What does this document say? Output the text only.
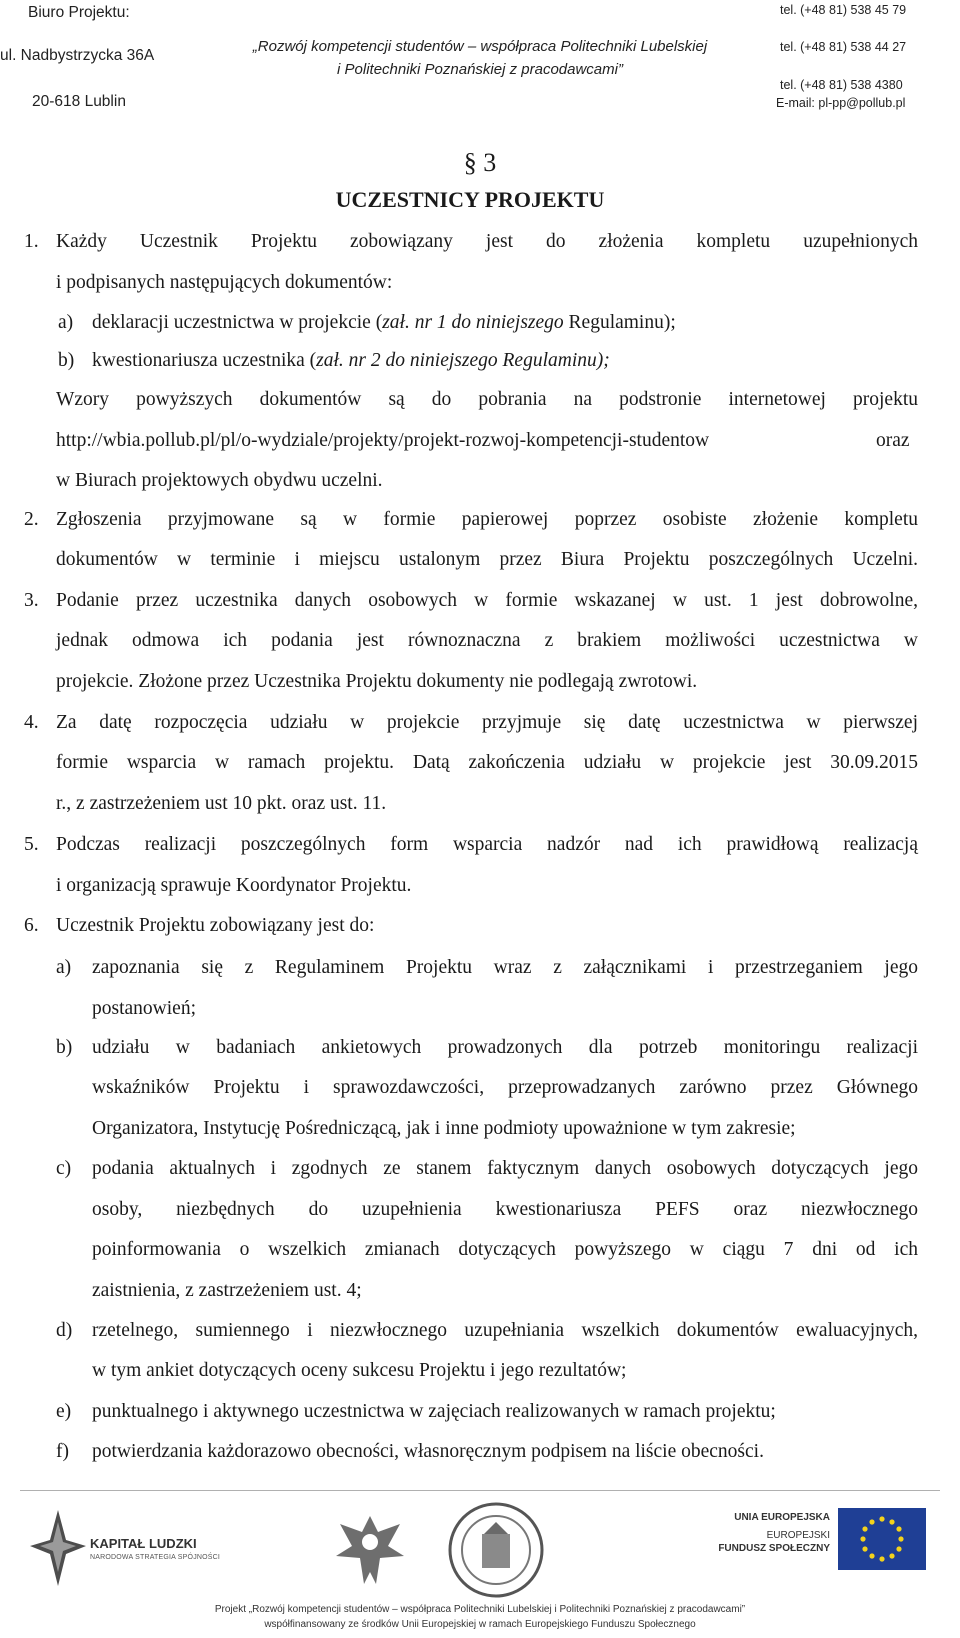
Biuro Projektu:
ul. Nadbystrzycka 36A
20-618 Lublin
„Rozwój kompetencji studentów – współpraca Politechniki Lubelskiej
i Politechniki Poznańskiej z pracodawcami”
tel. (+48 81) 538 45 79
tel. (+48 81) 538 44 27
tel. (+48 81) 538 4380
E-mail: pl-pp@pollub.pl
§ 3
UCZESTNICY PROJEKTU
1. Każdy Uczestnik Projektu zobowiązany jest do złożenia kompletu uzupełnionych
i podpisanych następujących dokumentów:
a) deklaracji uczestnictwa w projekcie (zał. nr 1 do niniejszego Regulaminu);
b) kwestionariusza uczestnika (zał. nr 2 do niniejszego Regulaminu);
Wzory powyższych dokumentów są do pobrania na podstronie internetowej projektu
http://wbia.pollub.pl/pl/o-wydziale/projekty/projekt-rozwoj-kompetencji-studentow	oraz
w Biurach projektowych obydwu uczelni.
2. Zgłoszenia przyjmowane są w formie papierowej poprzez osobiste złożenie kompletu
dokumentów w terminie i miejscu ustalonym przez Biura Projektu poszczególnych Uczelni.
3. Podanie przez uczestnika danych osobowych w formie wskazanej w ust. 1 jest dobrowolne,
jednak odmowa ich podania jest równoznaczna z brakiem możliwości uczestnictwa w
projekcie. Złożone przez Uczestnika Projektu dokumenty nie podlegają zwrotowi.
4. Za datę rozpoczęcia udziału w projekcie przyjmuje się datę uczestnictwa w pierwszej
formie wsparcia w ramach projektu. Datą zakończenia udziału w projekcie jest 30.09.2015
r., z zastrzeżeniem ust 10 pkt. oraz ust. 11.
5. Podczas realizacji poszczególnych form wsparcia nadzór nad ich prawidłową realizacją
i organizacją sprawuje Koordynator Projektu.
6. Uczestnik Projektu zobowiązany jest do:
a) zapoznania się z Regulaminem Projektu wraz z załącznikami i przestrzeganiem jego
postanowień;
b) udziału w badaniach ankietowych prowadzonych dla potrzeb monitoringu realizacji
wskaźników Projektu i sprawozdawczości, przeprowadzanych zarówno przez Głównego
Organizatora, Instytucję Pośredniczącą, jak i inne podmioty upoważnione w tym zakresie;
c) podania aktualnych i zgodnych ze stanem faktycznym danych osobowych dotyczących jego
osoby, niezbędnych do uzupełnienia kwestionariusza PEFS oraz niezwłocznego
poinformowania o wszelkich zmianach dotyczących powyższego w ciągu 7 dni od ich
zaistnienia, z zastrzeżeniem ust. 4;
d) rzetelnego, sumiennego i niezwłocznego uzupełniania wszelkich dokumentów ewaluacyjnych,
w tym ankiet dotyczących oceny sukcesu Projektu i jego rezultatów;
e) punktualnego i aktywnego uczestnictwa w zajęciach realizowanych w ramach projektu;
f) potwierdzania każdorazowo obecności, własnoręcznym podpisem na liście obecności.
KAPITAŁ LUDZKI
NARODOWA STRATEGIA SPÓJNOŚCI
UNIA EUROPEJSKA
EUROPEJSKI
FUNDUSZ SPOŁECZNY
Projekt „Rozwój kompetencji studentów – współpraca Politechniki Lubelskiej i Politechniki Poznańskiej z pracodawcami”
współfinansowany ze środków Unii Europejskiej w ramach Europejskiego Funduszu Społecznego
